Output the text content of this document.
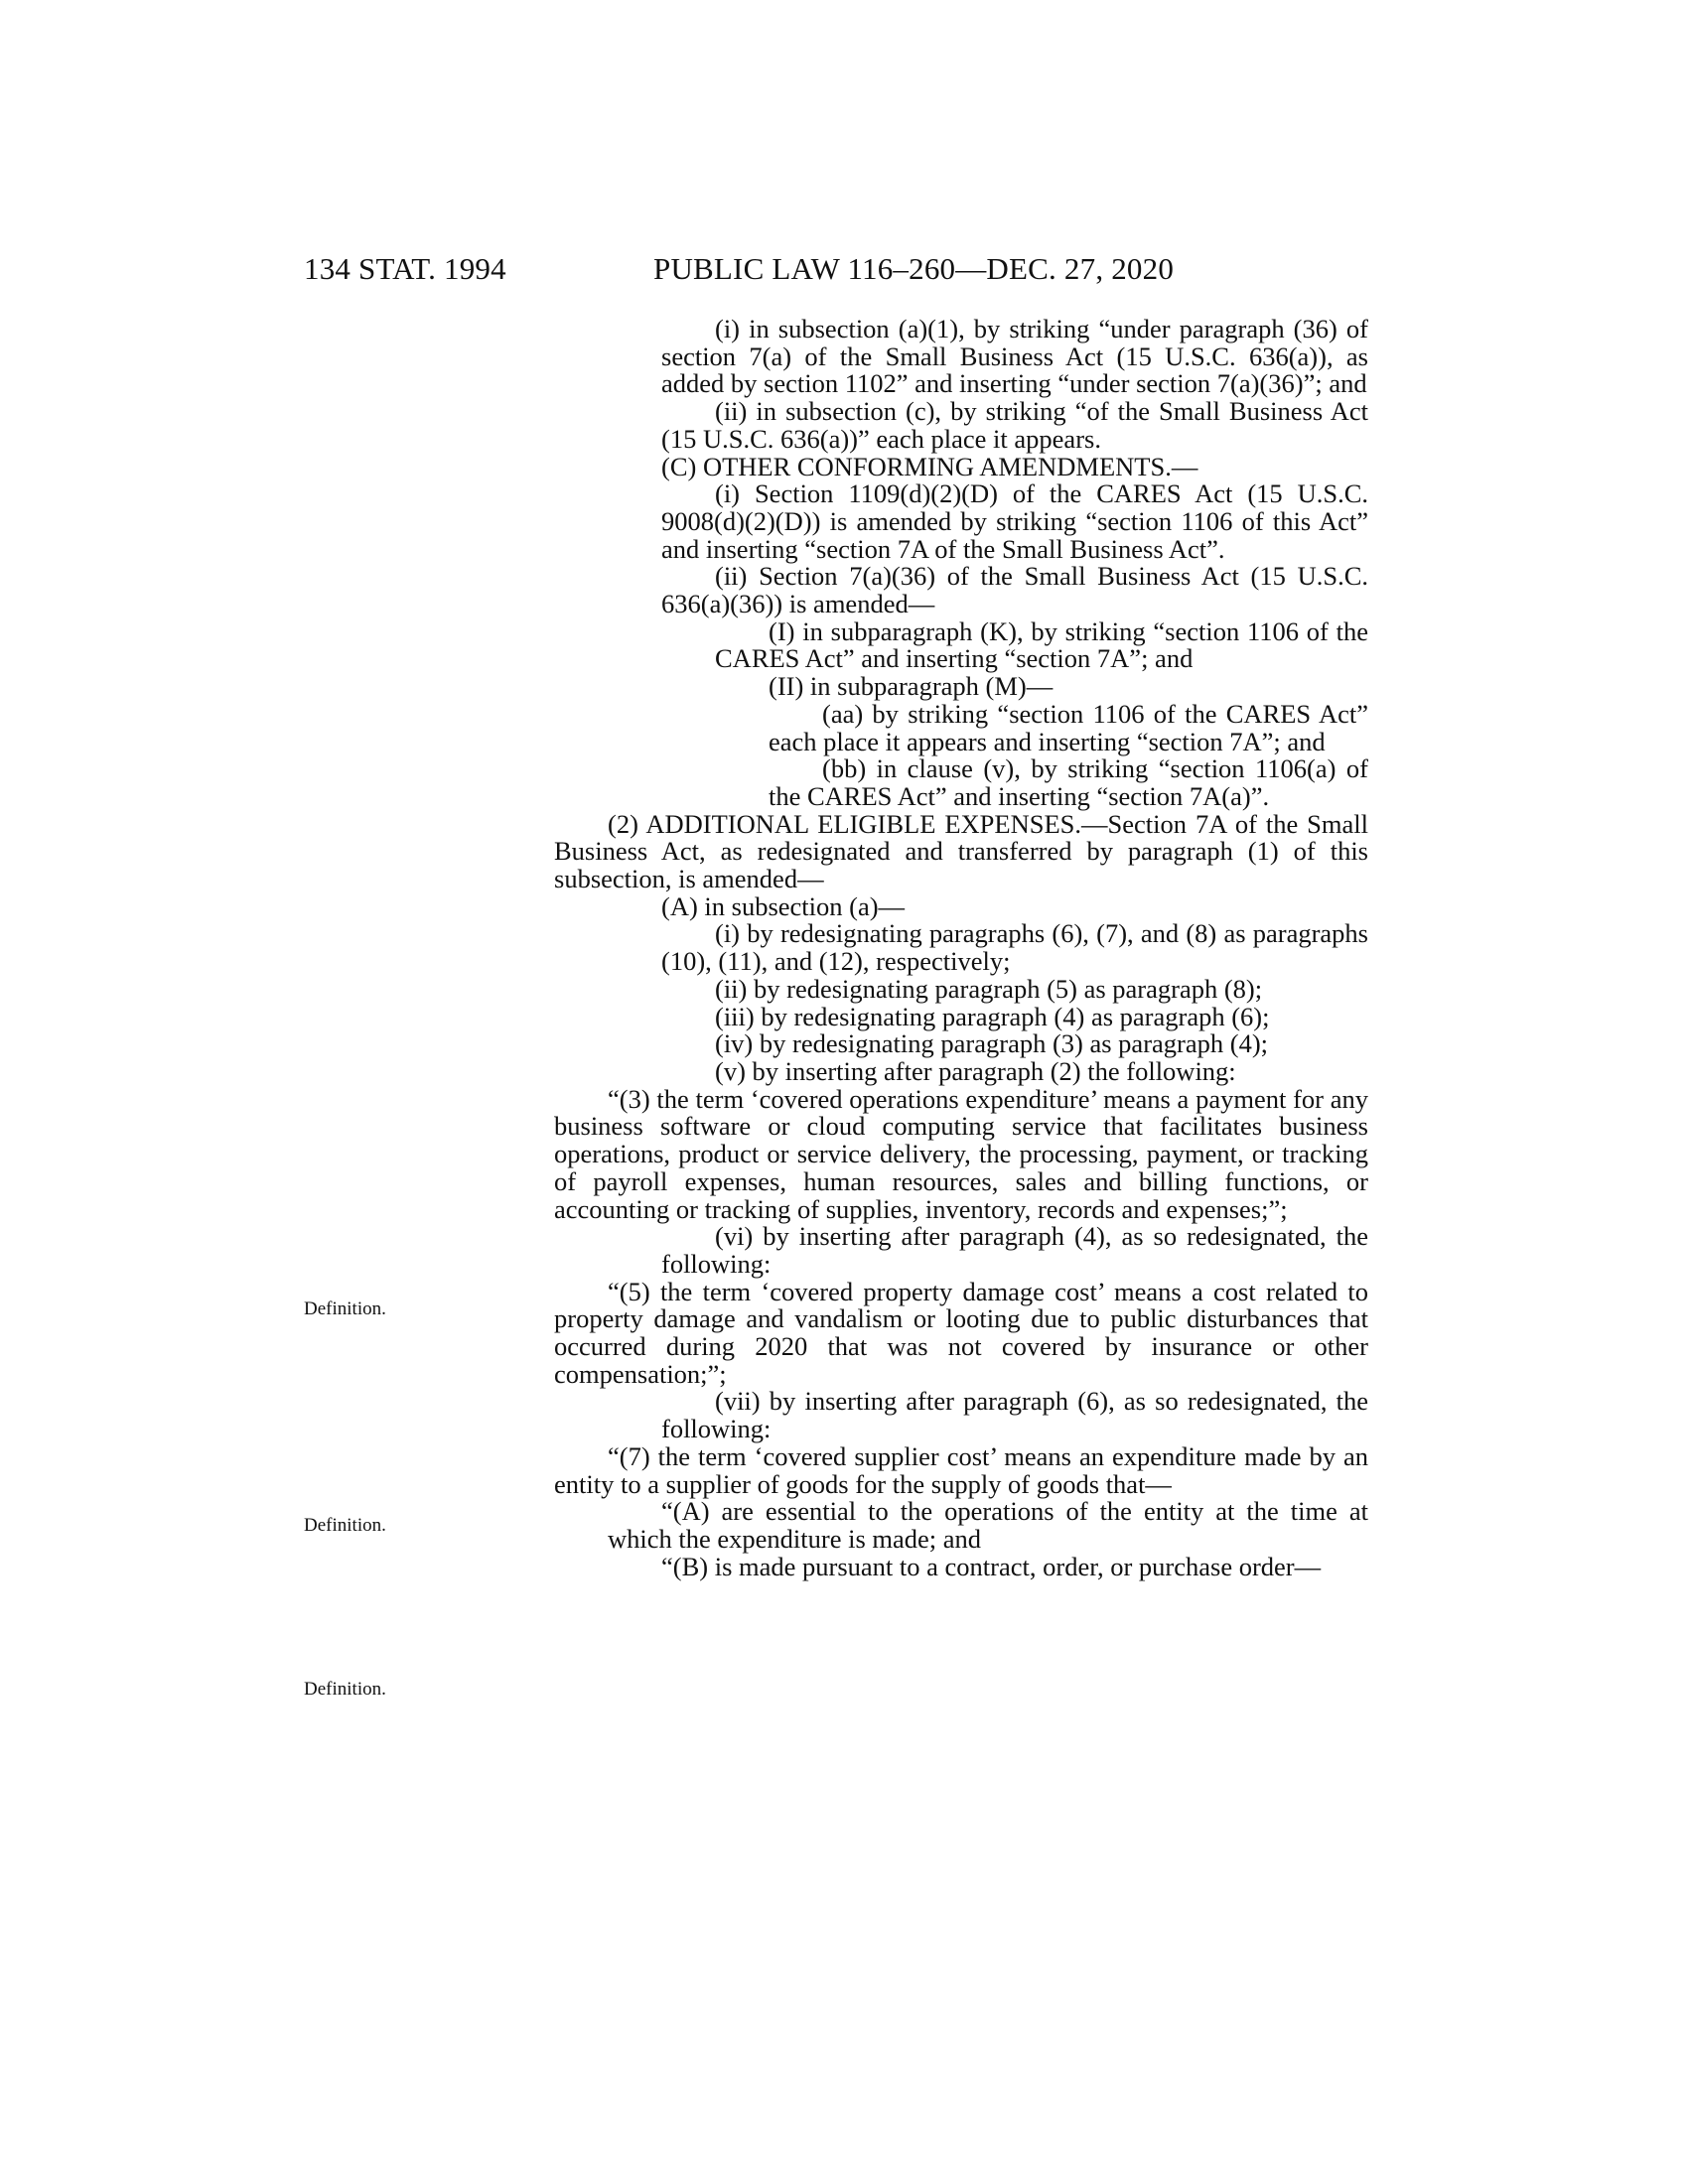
134 STAT. 1994	PUBLIC LAW 116–260—DEC. 27, 2020
Definition.
Definition.
Definition.

(i) in subsection (a)(1), by striking “under paragraph (36) of section 7(a) of the Small Business Act (15 U.S.C. 636(a)), as added by section 1102” and inserting “under section 7(a)(36)”; and

(ii) in subsection (c), by striking “of the Small Business Act (15 U.S.C. 636(a))” each place it appears.

(C) OTHER CONFORMING AMENDMENTS.—

(i) Section 1109(d)(2)(D) of the CARES Act (15 U.S.C. 9008(d)(2)(D)) is amended by striking “section 1106 of this Act” and inserting “section 7A of the Small Business Act”.

(ii) Section 7(a)(36) of the Small Business Act (15 U.S.C. 636(a)(36)) is amended—

(I) in subparagraph (K), by striking “section 1106 of the CARES Act” and inserting “section 7A”; and

(II) in subparagraph (M)—

(aa) by striking “section 1106 of the CARES Act” each place it appears and inserting “section 7A”; and

(bb) in clause (v), by striking “section 1106(a) of the CARES Act” and inserting “section 7A(a)”.

(2) ADDITIONAL ELIGIBLE EXPENSES.—Section 7A of the Small Business Act, as redesignated and transferred by paragraph (1) of this subsection, is amended—

(A) in subsection (a)—

(i) by redesignating paragraphs (6), (7), and (8) as paragraphs (10), (11), and (12), respectively;

(ii) by redesignating paragraph (5) as paragraph (8);

(iii) by redesignating paragraph (4) as paragraph (6);

(iv) by redesignating paragraph (3) as paragraph (4);

(v) by inserting after paragraph (2) the following:

“(3) the term ‘covered operations expenditure’ means a payment for any business software or cloud computing service that facilitates business operations, product or service delivery, the processing, payment, or tracking of payroll expenses, human resources, sales and billing functions, or accounting or tracking of supplies, inventory, records and expenses;”;

(vi) by inserting after paragraph (4), as so redesignated, the following:

“(5) the term ‘covered property damage cost’ means a cost related to property damage and vandalism or looting due to public disturbances that occurred during 2020 that was not covered by insurance or other compensation;”;

(vii) by inserting after paragraph (6), as so redesignated, the following:

“(7) the term ‘covered supplier cost’ means an expenditure made by an entity to a supplier of goods for the supply of goods that—

“(A) are essential to the operations of the entity at the time at which the expenditure is made; and

“(B) is made pursuant to a contract, order, or purchase order—
